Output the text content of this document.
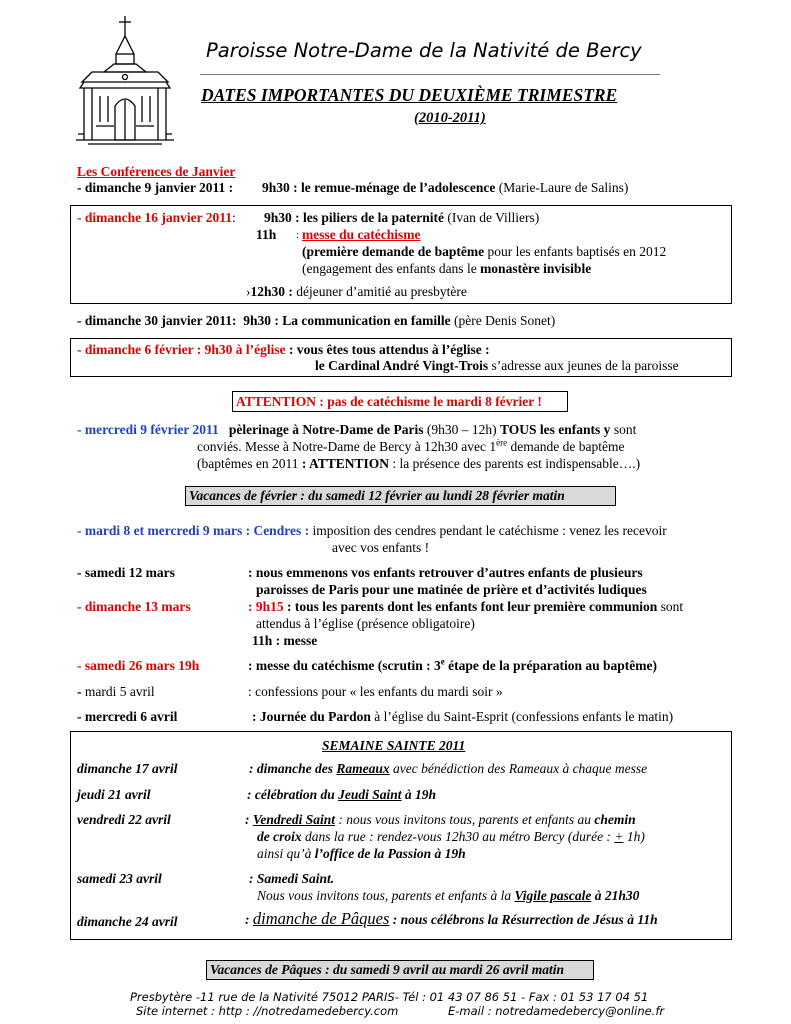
Paroisse Notre-Dame de la Nativité de Bercy
DATES IMPORTANTES DU DEUXIÈME TRIMESTRE
(2010-2011)
Les Conférences de Janvier
- dimanche 9 janvier 2011 : 9h30 : le remue-ménage de l’adolescence (Marie-Laure de Salins)
- dimanche 16 janvier 2011: 9h30 : les piliers de la paternité (Ivan de Villiers)
11h : messe du catéchisme
(première demande de baptême pour les enfants baptisés en 2012
(engagement des enfants dans le monastère invisible
›12h30 : déjeuner d’amitié au presbytère
- dimanche 30 janvier 2011: 9h30 : La communication en famille (père Denis Sonet)
- dimanche 6 février : 9h30 à l’église : vous êtes tous attendus à l’église :
le Cardinal André Vingt-Trois s’adresse aux jeunes de la paroisse
ATTENTION : pas de catéchisme le mardi 8 février !
- mercredi 9 février 2011 pèlerinage à Notre-Dame de Paris (9h30 – 12h) TOUS les enfants y sont
conviés. Messe à Notre-Dame de Bercy à 12h30 avec 1ère demande de baptême
(baptêmes en 2011 : ATTENTION : la présence des parents est indispensable….)
Vacances de février : du samedi 12 février au lundi 28 février matin
- mardi 8 et mercredi 9 mars : Cendres : imposition des cendres pendant le catéchisme : venez les recevoir
avec vos enfants !
- samedi 12 mars	: nous emmenons vos enfants retrouver d’autres enfants de plusieurs
paroisses de Paris pour une matinée de prière et d’activités ludiques
- dimanche 13 mars	: 9h15 : tous les parents dont les enfants font leur première communion sont
attendus à l’église (présence obligatoire)
11h : messe
- samedi 26 mars 19h	: messe du catéchisme (scrutin : 3e étape de la préparation au baptême)
- mardi 5 avril	: confessions pour « les enfants du mardi soir »
- mercredi 6 avril	: Journée du Pardon à l’église du Saint-Esprit (confessions enfants le matin)
SEMAINE SAINTE 2011
dimanche 17 avril	: dimanche des Rameaux avec bénédiction des Rameaux à chaque messe
jeudi 21 avril	: célébration du Jeudi Saint à 19h
vendredi 22 avril	: Vendredi Saint : nous vous invitons tous, parents et enfants au chemin
de croix dans la rue : rendez-vous 12h30 au métro Bercy (durée : + 1h)
ainsi qu’à l’office de la Passion à 19h
samedi 23 avril	: Samedi Saint.
Nous vous invitons tous, parents et enfants à la Vigile pascale à 21h30
dimanche 24 avril	: dimanche de Pâques : nous célébrons la Résurrection de Jésus à 11h
Vacances de Pâques : du samedi 9 avril au mardi 26 avril matin
Presbytère -11 rue de la Nativité 75012 PARIS- Tél : 01 43 07 86 51 - Fax : 01 53 17 04 51
Site internet : http : //notredamedebercy.com	E-mail : notredamedebercy@online.fr
